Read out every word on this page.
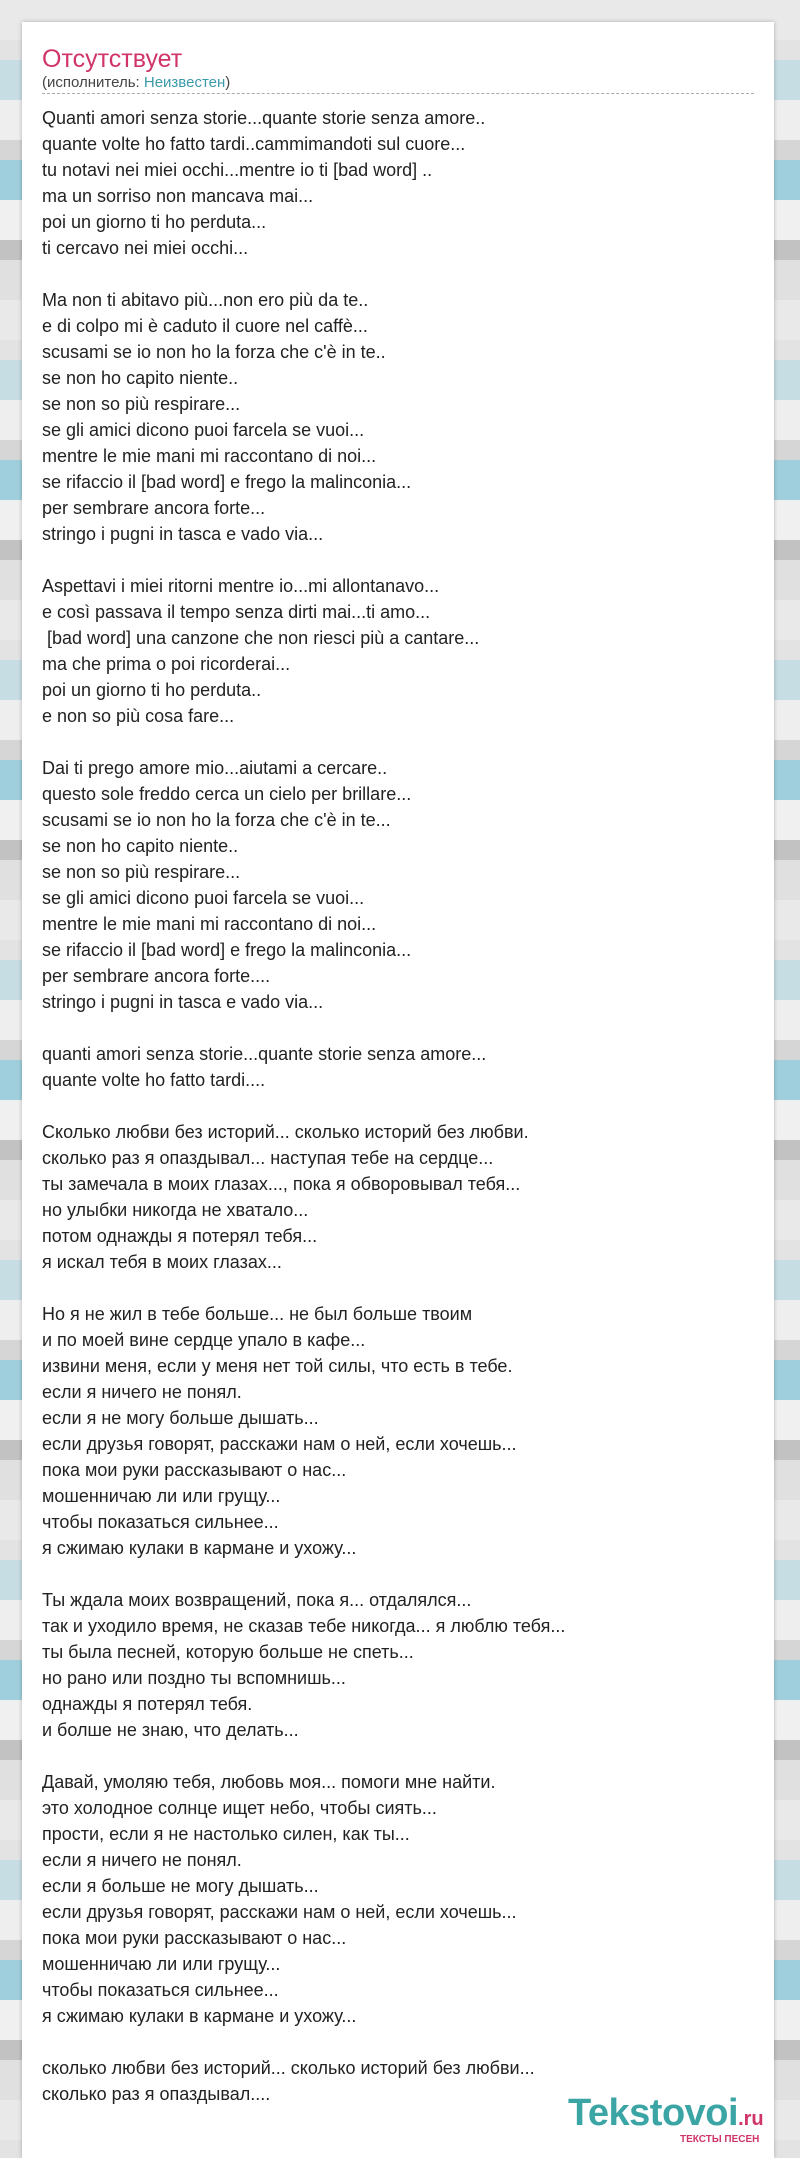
Отсутствует
(исполнитель: Неизвестен)
Quanti amori senza storie...quante storie senza amore..
quante volte ho fatto tardi..cammimandoti sul cuore...
tu notavi nei miei occhi...mentre io ti [bad word] ..
ma un sorriso non mancava mai...
poi un giorno ti ho perduta...
ti cercavo nei miei occhi...
Ma non ti abitavo più...non ero più da te..
e di colpo mi è caduto il cuore nel caffè...
scusami se io non ho la forza che c'è in te..
se non ho capito niente..
se non so più respirare...
se gli amici dicono puoi farcela se vuoi...
mentre le mie mani mi raccontano di noi...
se rifaccio il [bad word] e frego la malinconia...
per sembrare ancora forte...
stringo i pugni in tasca e vado via...
Aspettavi i miei ritorni mentre io...mi allontanavo...
e così passava il tempo senza dirti mai...ti amo...
[bad word] una canzone che non riesci più a cantare...
ma che prima o poi ricorderai...
poi un giorno ti ho perduta..
e non so più cosa fare...
Dai ti prego amore mio...aiutami a cercare..
questo sole freddo cerca un cielo per brillare...
scusami se io non ho la forza che c'è in te...
se non ho capito niente..
se non so più respirare...
se gli amici dicono puoi farcela se vuoi...
mentre le mie mani mi raccontano di noi...
se rifaccio il [bad word] e frego la malinconia...
per sembrare ancora forte....
stringo i pugni in tasca e vado via...
quanti amori senza storie...quante storie senza amore...
quante volte ho fatto tardi....
Сколько любви без историй... сколько историй без любви.
сколько раз я опаздывал... наступая тебе на сердце...
ты замечала в моих глазах..., пока я обворовывал тебя...
но улыбки никогда не хватало...
потом однажды я потерял тебя...
я искал тебя в моих глазах...
Но я не жил в тебе больше... не был больше твоим
и по моей вине сердце упало в кафе...
извини меня, если у меня нет той силы, что есть в тебе.
если я ничего не понял.
если я не могу больше дышать...
если друзья говорят, расскажи нам о ней, если хочешь...
пока мои руки рассказывают о нас...
мошенничаю ли или грущу...
чтобы показаться сильнее...
я сжимаю кулаки в кармане и ухожу...
Ты ждала моих возвращений, пока я... отдалялся...
так и уходило время, не сказав тебе никогда... я люблю тебя...
ты была песней, которую больше не спеть...
но рано или поздно ты вспомнишь...
однажды я потерял тебя.
и болше не знаю, что делать...
Давай, умоляю тебя, любовь моя... помоги мне найти.
это холодное солнце ищет небо, чтобы сиять...
прости, если я не настолько силен, как ты...
если я ничего не понял.
если я больше не могу дышать...
если друзья говорят, расскажи нам о ней, если хочешь...
пока мои руки рассказывают о нас...
мошенничаю ли или грущу...
чтобы показаться сильнее...
я сжимаю кулаки в кармане и ухожу...
сколько любви без историй... сколько историй без любви...
сколько раз я опаздывал....	Tekstovoi.ru
ТЕКСТЫ ПЕСЕН
